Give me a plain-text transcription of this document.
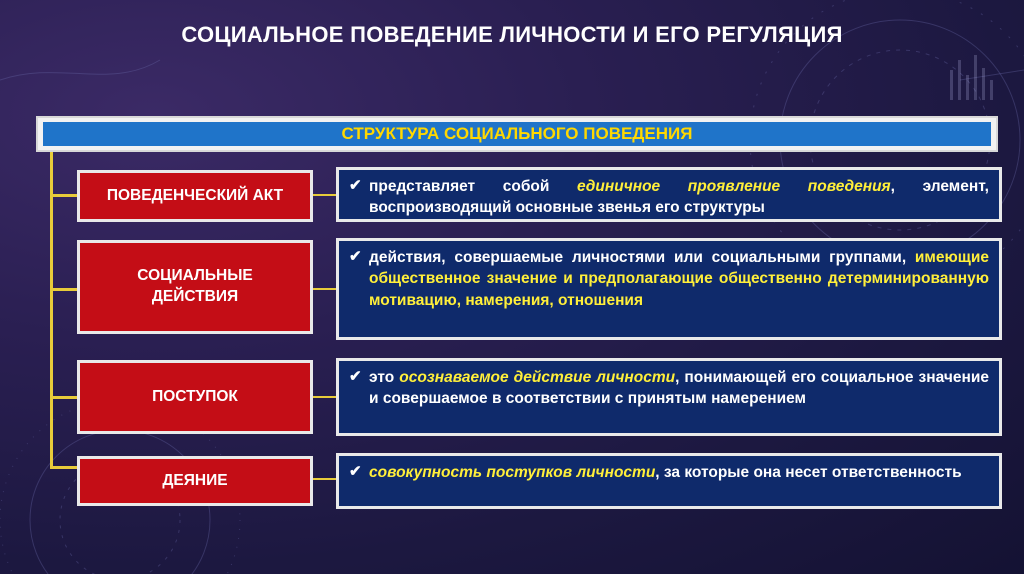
СОЦИАЛЬНОЕ ПОВЕДЕНИЕ ЛИЧНОСТИ И ЕГО РЕГУЛЯЦИЯ
СТРУКТУРА СОЦИАЛЬНОГО ПОВЕДЕНИЯ
ПОВЕДЕНЧЕСКИЙ АКТ
✔ представляет собой единичное проявление поведения, элемент, воспроизводящий основные звенья его структуры
СОЦИАЛЬНЫЕ
ДЕЙСТВИЯ
✔ действия, совершаемые личностями или социальными группами, имеющие общественное значение и предполагающие общественно детерминированную мотивацию, намерения, отношения
ПОСТУПОК
✔ это осознаваемое действие личности, понимающей его социальное значение и совершаемое в соответствии с принятым намерением
ДЕЯНИЕ
✔ совокупность поступков личности, за которые она несет ответственность
